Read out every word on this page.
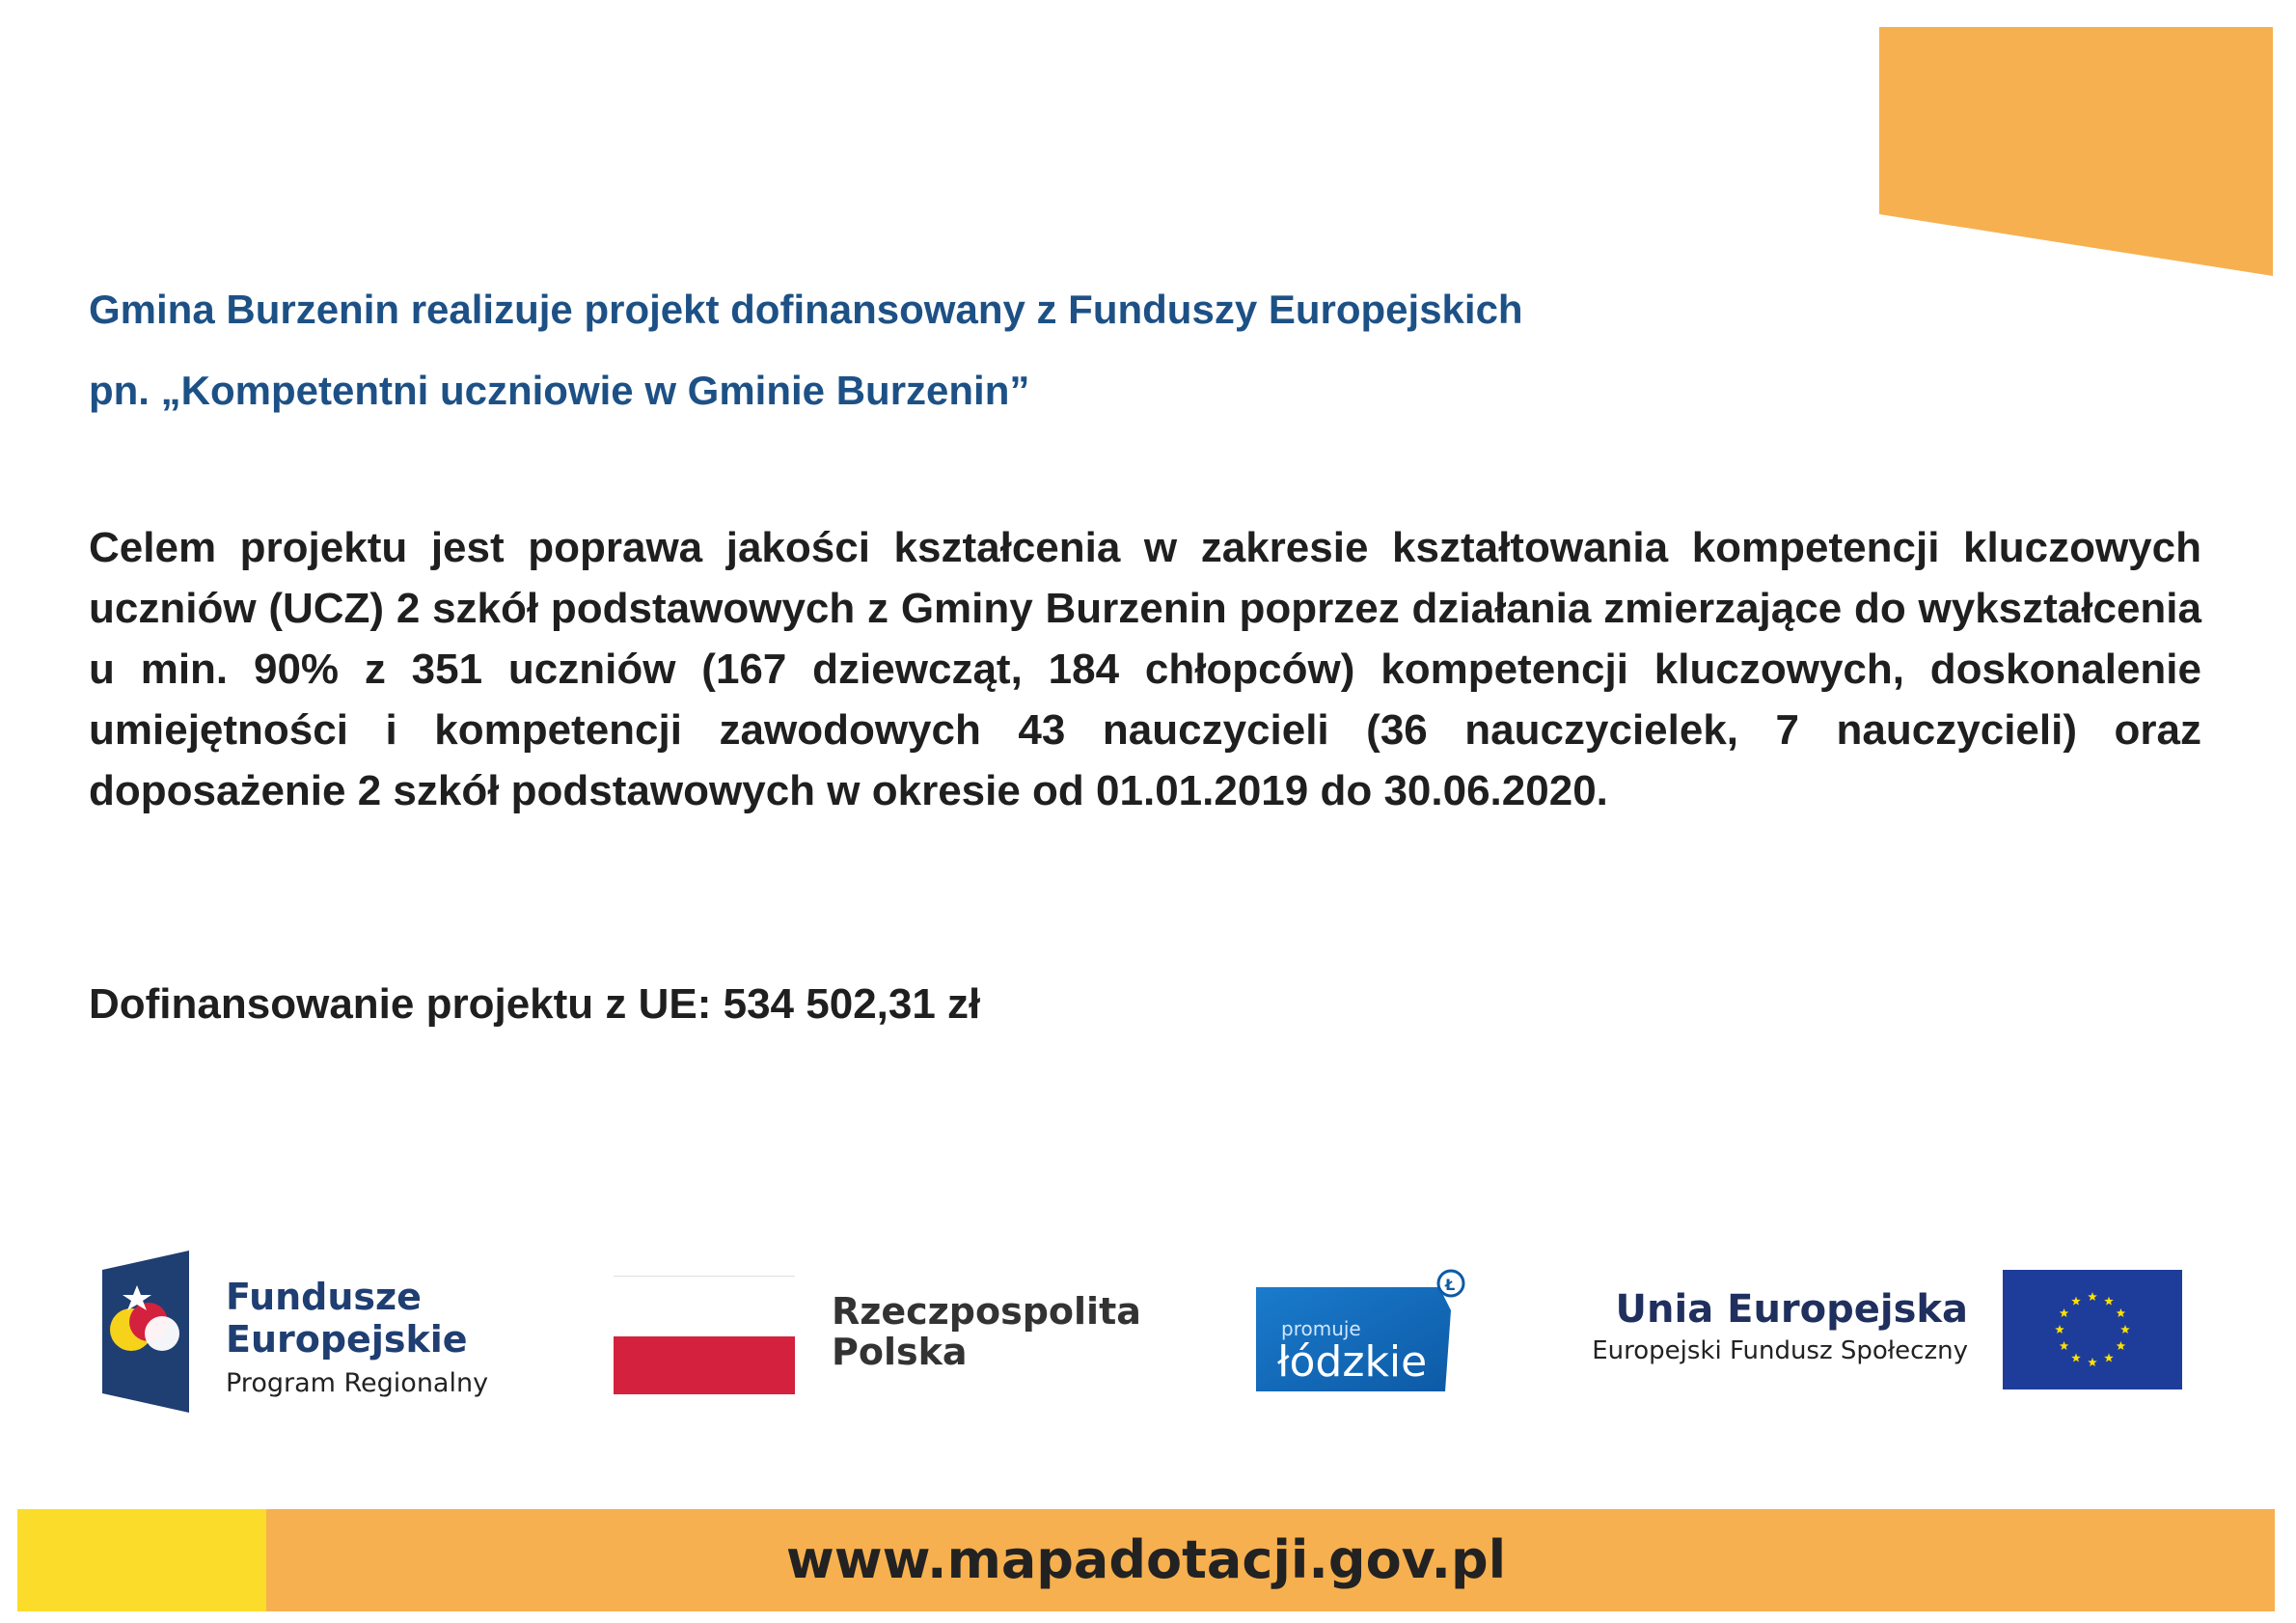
Gmina Burzenin realizuje projekt dofinansowany z Funduszy Europejskich
pn. „Kompetentni uczniowie w Gminie Burzenin”
Celem projektu jest poprawa jakości kształcenia w zakresie kształtowania kompetencji kluczowych uczniów (UCZ) 2 szkół podstawowych z Gminy Burzenin poprzez działania zmierzające do wykształcenia u min. 90% z 351 uczniów (167 dziewcząt, 184 chłopców) kompetencji kluczowych, doskonalenie umiejętności i kompetencji zawodowych 43 nauczycieli (36 nauczycielek, 7 nauczycieli) oraz doposażenie 2 szkół podstawowych w okresie od 01.01.2019 do 30.06.2020.
Dofinansowanie projektu z UE: 534 502,31 zł
Fundusze
Europejskie
Program Regionalny
Rzeczpospolita
Polska
promuje
łódzkie
Ł
Unia Europejska
Europejski Fundusz Społeczny
www.mapadotacji.gov.pl
